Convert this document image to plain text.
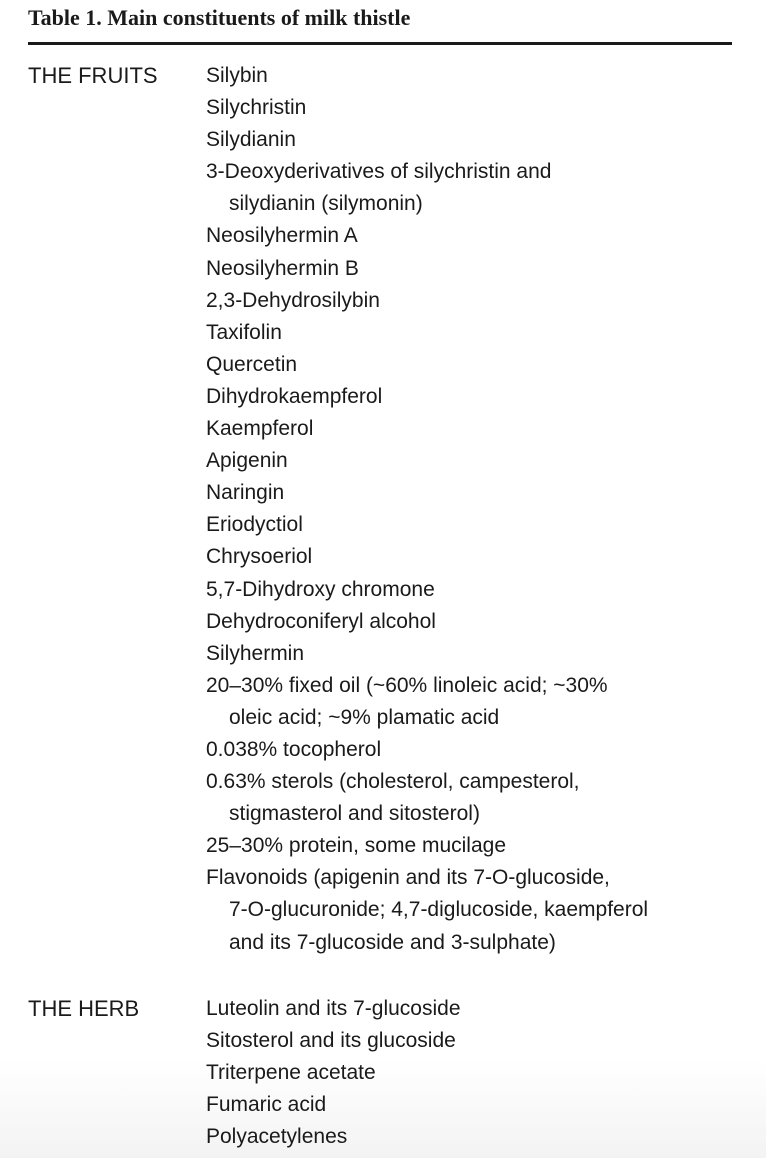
Table 1. Main constituents of milk thistle
THE FRUITS Silybin
Silychristin
Silydianin
3-Deoxyderivatives of silychristin and
silydianin (silymonin)
Neosilyhermin A
Neosilyhermin B
2,3-Dehydrosilybin
Taxifolin
Quercetin
Dihydrokaempferol
Kaempferol
Apigenin
Naringin
Eriodyctiol
Chrysoeriol
5,7-Dihydroxy chromone
Dehydroconiferyl alcohol
Silyhermin
20–30% fixed oil (~60% linoleic acid; ~30%
oleic acid; ~9% plamatic acid
0.038% tocopherol
0.63% sterols (cholesterol, campesterol,
stigmasterol and sitosterol)
25–30% protein, some mucilage
Flavonoids (apigenin and its 7-O-glucoside,
7-O-glucuronide; 4,7-diglucoside, kaempferol
and its 7-glucoside and 3-sulphate)
THE HERB	Luteolin and its 7-glucoside
Sitosterol and its glucoside
Triterpene acetate
Fumaric acid
Polyacetylenes
